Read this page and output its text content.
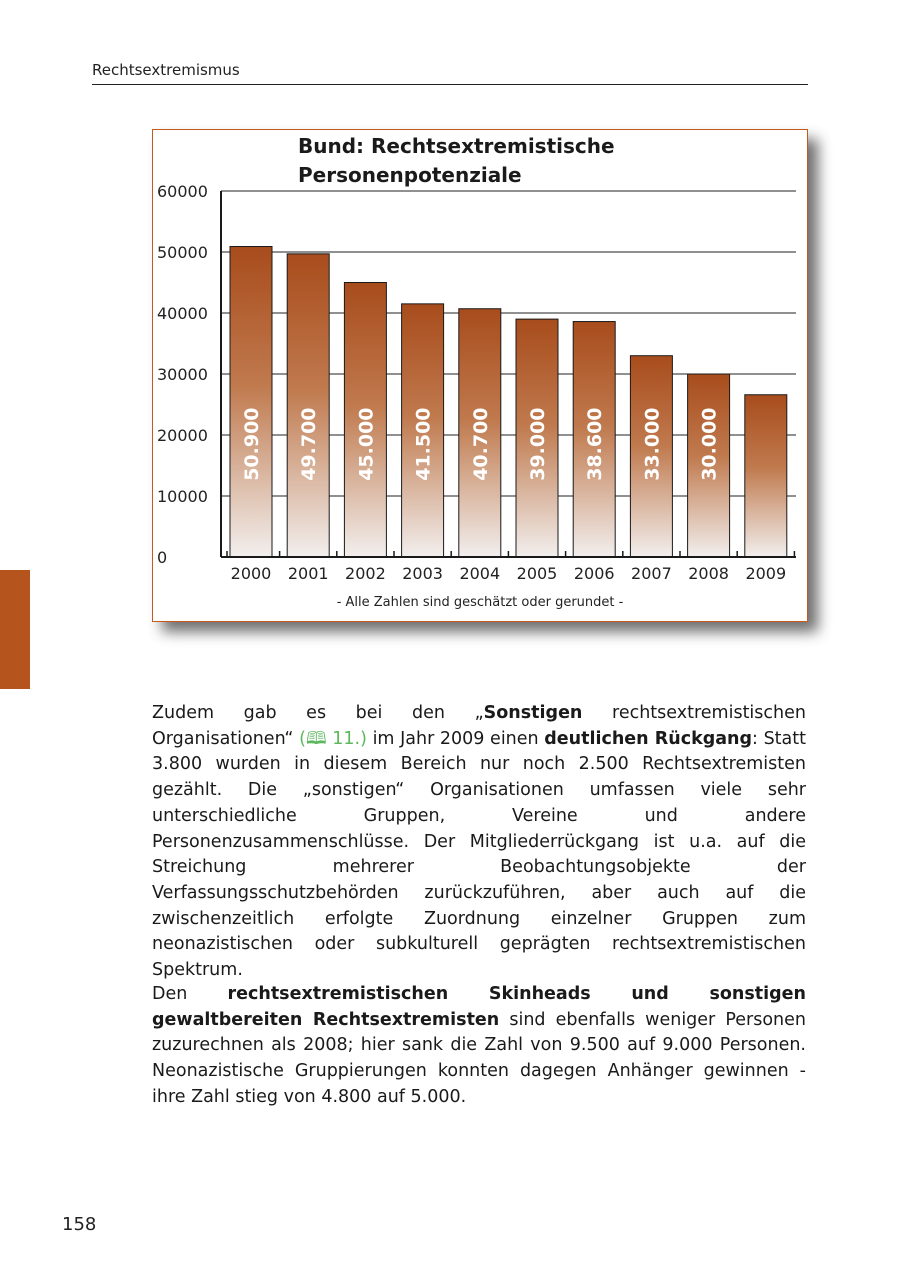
Rechtsextremismus
50.900 49.700 45.000 41.500 40.700 39.000 38.600 33.000 30.000
0
10000
20000
30000
40000
50000
60000
2000 2001 2002 2003 2004 2005 2006 2007 2008 2009
Bund: Rechtsextremistische
Personenpotenziale
- Alle Zahlen sind geschätzt oder gerundet -
Zudem gab es bei den „Sonstigen rechtsextremistischen Organisationen“ (🕮 11.) im Jahr 2009 einen deutlichen Rückgang: Statt 3.800 wurden in diesem Bereich nur noch 2.500 Rechtsextremisten gezählt. Die „sonstigen“ Organisationen umfassen viele sehr unterschiedliche Gruppen, Vereine und andere Personenzusammenschlüsse. Der Mitgliederrückgang ist u.a. auf die Streichung mehrerer Beobachtungsobjekte der Verfassungsschutzbehörden zurückzuführen, aber auch auf die zwischenzeitlich erfolgte Zuordnung einzelner Gruppen zum neonazistischen oder subkulturell geprägten rechtsextremistischen Spektrum.
Den rechtsextremistischen Skinheads und sonstigen gewaltbereiten Rechtsextremisten sind ebenfalls weniger Personen zuzurechnen als 2008; hier sank die Zahl von 9.500 auf 9.000 Personen. Neonazistische Gruppierungen konnten dagegen Anhänger gewinnen - ihre Zahl stieg von 4.800 auf 5.000.
158
